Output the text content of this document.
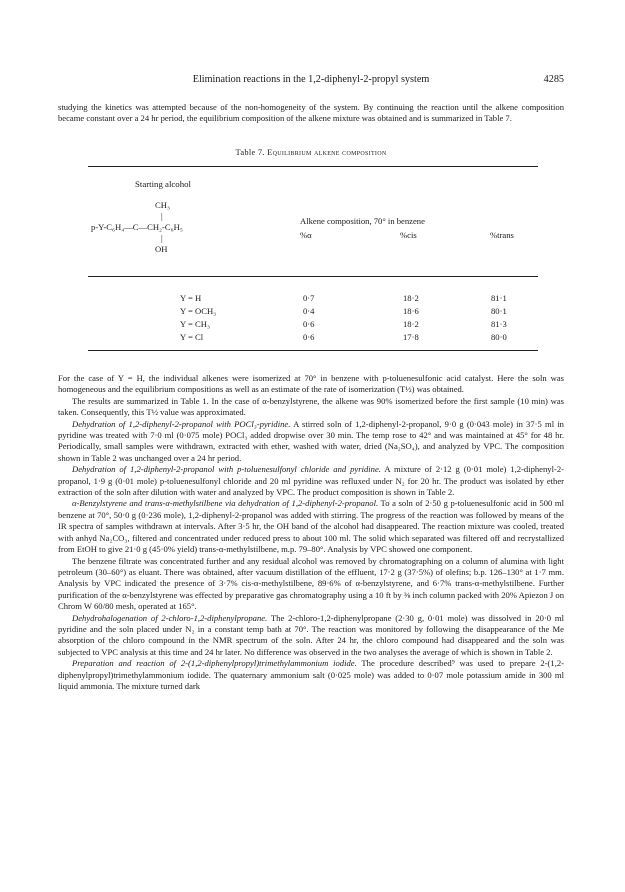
Elimination reactions in the 1,2-diphenyl-2-propyl system	4285

studying the kinetics was attempted because of the non-homogeneity of the system. By continuing the reaction until the alkene composition became constant over a 24 hr period, the equilibrium composition of the alkene mixture was obtained and is summarized in Table 7.

Table 7. Equilibrium alkene composition
Starting alcohol
CH₃
|
p-Y-C₆H₄—C—CH₂-C₆H₅
|
OH
Alkene composition, 70° in benzene
%α	%cis	%trans
Y = H	0·7	18·2	81·1
Y = OCH₃	0·4	18·6	80·1
Y = CH₃	0·6	18·2	81·3
Y = Cl	0·6	17·8	80·0

For the case of Y = H, the individual alkenes were isomerized at 70° in benzene with p-toluenesulfonic acid catalyst. Here the soln was homogeneous and the equilibrium compositions as well as an estimate of the rate of isomerization (T½) was obtained.

The results are summarized in Table 1. In the case of α-benzylstyrene, the alkene was 90% isomerized before the first sample (10 min) was taken. Consequently, this T½ value was approximated.

Dehydration of 1,2-diphenyl-2-propanol with POCl₃-pyridine. A stirred soln of 1,2-diphenyl-2-propanol, 9·0 g (0·043 mole) in 37·5 ml in pyridine was treated with 7·0 ml (0·075 mole) POCl₃ added dropwise over 30 min. The temp rose to 42° and was maintained at 45° for 48 hr. Periodically, small samples were withdrawn, extracted with ether, washed with water, dried (Na₂SO₄), and analyzed by VPC. The composition shown in Table 2 was unchanged over a 24 hr period.

Dehydration of 1,2-diphenyl-2-propanol with p-toluenesulfonyl chloride and pyridine. A mixture of 2·12 g (0·01 mole) 1,2-diphenyl-2-propanol, 1·9 g (0·01 mole) p-toluenesulfonyl chloride and 20 ml pyridine was refluxed under N₂ for 20 hr. The product was isolated by ether extraction of the soln after dilution with water and analyzed by VPC. The product composition is shown in Table 2.

α-Benzylstyrene and trans-α-methylstilbene via dehydration of 1,2-diphenyl-2-propanol. To a soln of 2·50 g p-toluenesulfonic acid in 500 ml benzene at 70°, 50·0 g (0·236 mole), 1,2-diphenyl-2-propanol was added with stirring. The progress of the reaction was followed by means of the IR spectra of samples withdrawn at intervals. After 3·5 hr, the OH band of the alcohol had disappeared. The reaction mixture was cooled, treated with anhyd Na₂CO₃, filtered and concentrated under reduced press to about 100 ml. The solid which separated was filtered off and recrystallized from EtOH to give 21·0 g (45·0% yield) trans-α-methylstilbene, m.p. 79–80°. Analysis by VPC showed one component.

The benzene filtrate was concentrated further and any residual alcohol was removed by chromatographing on a column of alumina with light petroleum (30–60°) as eluant. There was obtained, after vacuum distillation of the effluent, 17·2 g (37·5%) of olefins; b.p. 126–130° at 1·7 mm. Analysis by VPC indicated the presence of 3·7% cis-α-methylstilbene, 89·6% of α-benzylstyrene, and 6·7% trans-α-methylstilbene. Further purification of the α-benzylstyrene was effected by preparative gas chromatography using a 10 ft by ⅜ inch column packed with 20% Apiezon J on Chrom W 60/80 mesh, operated at 165°.

Dehydrohalogenation of 2-chloro-1,2-diphenylpropane. The 2-chloro-1,2-diphenylpropane (2·30 g, 0·01 mole) was dissolved in 20·0 ml pyridine and the soln placed under N₂ in a constant temp bath at 70°. The reaction was monitored by following the disappearance of the Me absorption of the chloro compound in the NMR spectrum of the soln. After 24 hr, the chloro compound had disappeared and the soln was subjected to VPC analysis at this time and 24 hr later. No difference was observed in the two analyses the average of which is shown in Table 2.

Preparation and reaction of 2-(1,2-diphenylpropyl)trimethylammonium iodide. The procedure described⁹ was used to prepare 2-(1,2-diphenylpropyl)trimethylammonium iodide. The quaternary ammonium salt (0·025 mole) was added to 0·07 mole potassium amide in 300 ml liquid ammonia. The mixture turned dark
